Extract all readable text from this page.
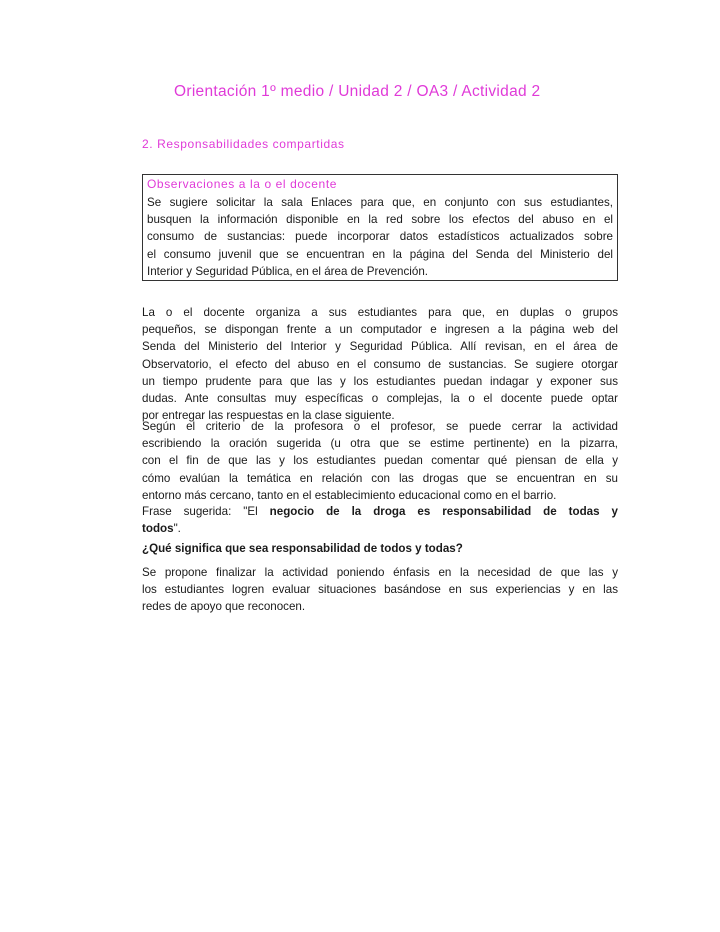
Orientación 1º medio / Unidad 2 / OA3 / Actividad 2
2. Responsabilidades compartidas
Observaciones a la o el docente
Se sugiere solicitar la sala Enlaces para que, en conjunto con sus estudiantes,
busquen la información disponible en la red sobre los efectos del abuso en el
consumo de sustancias: puede incorporar datos estadísticos actualizados sobre
el consumo juvenil que se encuentran en la página del Senda del Ministerio del
Interior y Seguridad Pública, en el área de Prevención.
La o el docente organiza a sus estudiantes para que, en duplas o grupos
pequeños, se dispongan frente a un computador e ingresen a la página web del
Senda del Ministerio del Interior y Seguridad Pública. Allí revisan, en el área de
Observatorio, el efecto del abuso en el consumo de sustancias. Se sugiere otorgar
un tiempo prudente para que las y los estudiantes puedan indagar y exponer sus
dudas. Ante consultas muy específicas o complejas, la o el docente puede optar
por entregar las respuestas en la clase siguiente.
Según el criterio de la profesora o el profesor, se puede cerrar la actividad
escribiendo la oración sugerida (u otra que se estime pertinente) en la pizarra,
con el fin de que las y los estudiantes puedan comentar qué piensan de ella y
cómo evalúan la temática en relación con las drogas que se encuentran en su
entorno más cercano, tanto en el establecimiento educacional como en el barrio.
Frase sugerida: "El negocio de la droga es responsabilidad de todas y
todos".
¿Qué significa que sea responsabilidad de todos y todas?
Se propone finalizar la actividad poniendo énfasis en la necesidad de que las y
los estudiantes logren evaluar situaciones basándose en sus experiencias y en las
redes de apoyo que reconocen.
